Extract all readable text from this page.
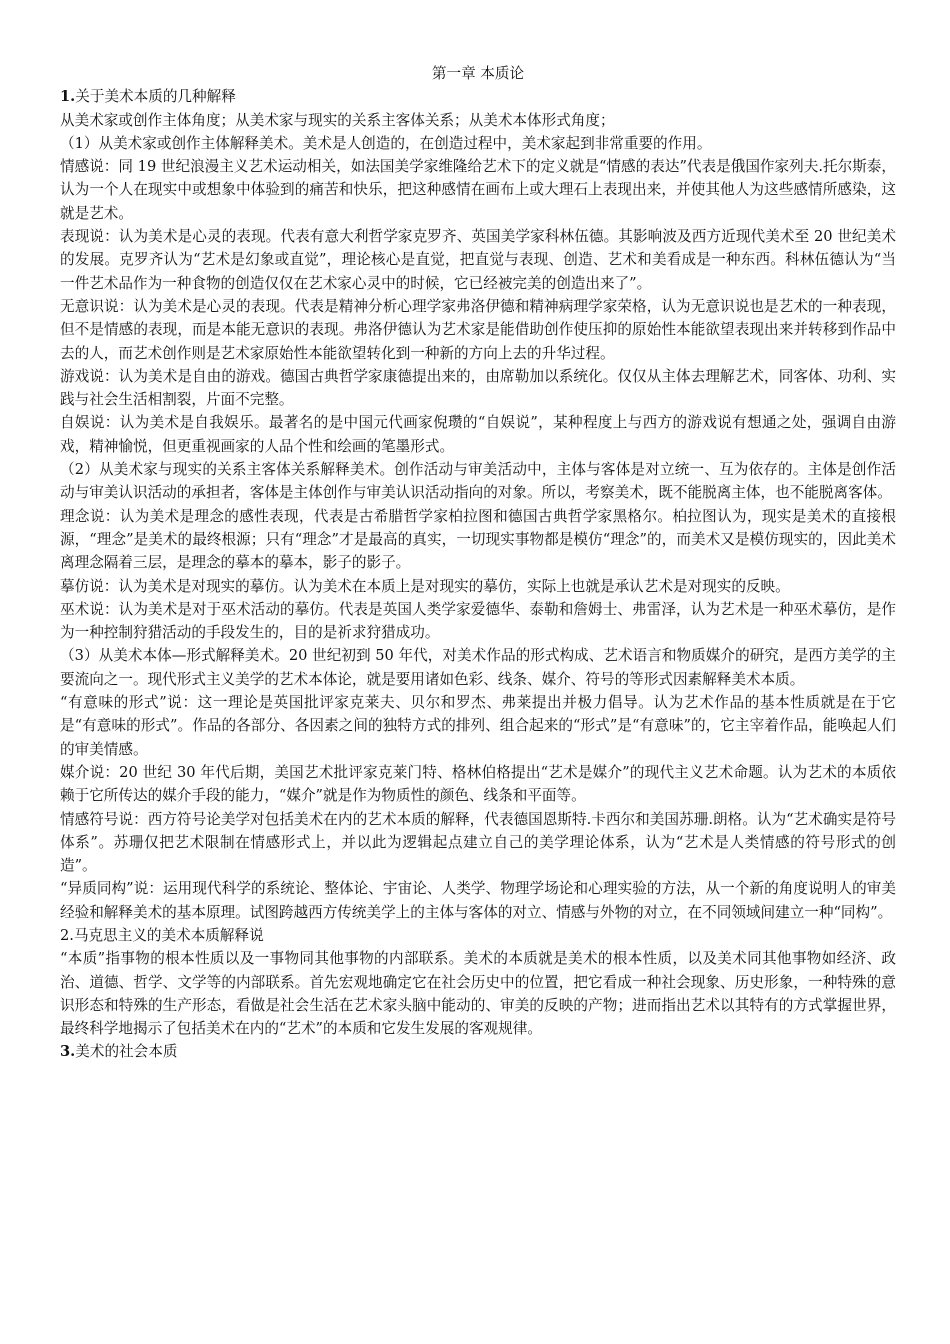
第一章 本质论
1.关于美术本质的几种解释

从美术家或创作主体角度；从美术家与现实的关系主客体关系；从美术本体形式角度；

（1）从美术家或创作主体解释美术。美术是人创造的，在创造过程中，美术家起到非常重要的作用。

情感说：同 19 世纪浪漫主义艺术运动相关，如法国美学家维隆给艺术下的定义就是“情感的表达”代表是俄国作家列夫.托尔斯泰，认为一个人在现实中或想象中体验到的痛苦和快乐，把这种感情在画布上或大理石上表现出来，并使其他人为这些感情所感染，这就是艺术。

表现说：认为美术是心灵的表现。代表有意大利哲学家克罗齐、英国美学家科林伍德。其影响波及西方近现代美术至 20 世纪美术的发展。克罗齐认为“艺术是幻象或直觉”，理论核心是直觉，把直觉与表现、创造、艺术和美看成是一种东西。科林伍德认为“当一件艺术品作为一种食物的创造仅仅在艺术家心灵中的时候，它已经被完美的创造出来了”。

无意识说：认为美术是心灵的表现。代表是精神分析心理学家弗洛伊德和精神病理学家荣格，认为无意识说也是艺术的一种表现，但不是情感的表现，而是本能无意识的表现。弗洛伊德认为艺术家是能借助创作使压抑的原始性本能欲望表现出来并转移到作品中去的人，而艺术创作则是艺术家原始性本能欲望转化到一种新的方向上去的升华过程。

游戏说：认为美术是自由的游戏。德国古典哲学家康德提出来的，由席勒加以系统化。仅仅从主体去理解艺术，同客体、功利、实践与社会生活相割裂，片面不完整。

自娱说：认为美术是自我娱乐。最著名的是中国元代画家倪瓒的“自娱说”，某种程度上与西方的游戏说有想通之处，强调自由游戏，精神愉悦，但更重视画家的人品个性和绘画的笔墨形式。

（2）从美术家与现实的关系主客体关系解释美术。创作活动与审美活动中，主体与客体是对立统一、互为依存的。主体是创作活动与审美认识活动的承担者，客体是主体创作与审美认识活动指向的对象。所以，考察美术，既不能脱离主体，也不能脱离客体。

理念说：认为美术是理念的感性表现，代表是古希腊哲学家柏拉图和德国古典哲学家黑格尔。柏拉图认为，现实是美术的直接根源，“理念”是美术的最终根源；只有“理念”才是最高的真实，一切现实事物都是模仿“理念”的，而美术又是模仿现实的，因此美术离理念隔着三层，是理念的摹本的摹本，影子的影子。

摹仿说：认为美术是对现实的摹仿。认为美术在本质上是对现实的摹仿，实际上也就是承认艺术是对现实的反映。

巫术说：认为美术是对于巫术活动的摹仿。代表是英国人类学家爱德华、泰勒和詹姆士、弗雷泽，认为艺术是一种巫术摹仿，是作为一种控制狩猎活动的手段发生的，目的是祈求狩猎成功。

（3）从美术本体—形式解释美术。20 世纪初到 50 年代，对美术作品的形式构成、艺术语言和物质媒介的研究，是西方美学的主要流向之一。现代形式主义美学的艺术本体论，就是要用诸如色彩、线条、媒介、符号的等形式因素解释美术本质。

“有意味的形式”说：这一理论是英国批评家克莱夫、贝尔和罗杰、弗莱提出并极力倡导。认为艺术作品的基本性质就是在于它是“有意味的形式”。作品的各部分、各因素之间的独特方式的排列、组合起来的“形式”是“有意味”的，它主宰着作品，能唤起人们的审美情感。

媒介说：20 世纪 30 年代后期，美国艺术批评家克莱门特、格林伯格提出“艺术是媒介”的现代主义艺术命题。认为艺术的本质依赖于它所传达的媒介手段的能力，“媒介”就是作为物质性的颜色、线条和平面等。

情感符号说：西方符号论美学对包括美术在内的艺术本质的解释，代表德国恩斯特.卡西尔和美国苏珊.朗格。认为“艺术确实是符号体系”。苏珊仅把艺术限制在情感形式上，并以此为逻辑起点建立自己的美学理论体系，认为“艺术是人类情感的符号形式的创造”。

“异质同构”说：运用现代科学的系统论、整体论、宇宙论、人类学、物理学场论和心理实验的方法，从一个新的角度说明人的审美经验和解释美术的基本原理。试图跨越西方传统美学上的主体与客体的对立、情感与外物的对立，在不同领域间建立一种“同构”。

2.马克思主义的美术本质解释说

“本质”指事物的根本性质以及一事物同其他事物的内部联系。美术的本质就是美术的根本性质，以及美术同其他事物如经济、政治、道德、哲学、文学等的内部联系。首先宏观地确定它在社会历史中的位置，把它看成一种社会现象、历史形象，一种特殊的意识形态和特殊的生产形态，看做是社会生活在艺术家头脑中能动的、审美的反映的产物；进而指出艺术以其特有的方式掌握世界，最终科学地揭示了包括美术在内的“艺术”的本质和它发生发展的客观规律。

3.美术的社会本质
